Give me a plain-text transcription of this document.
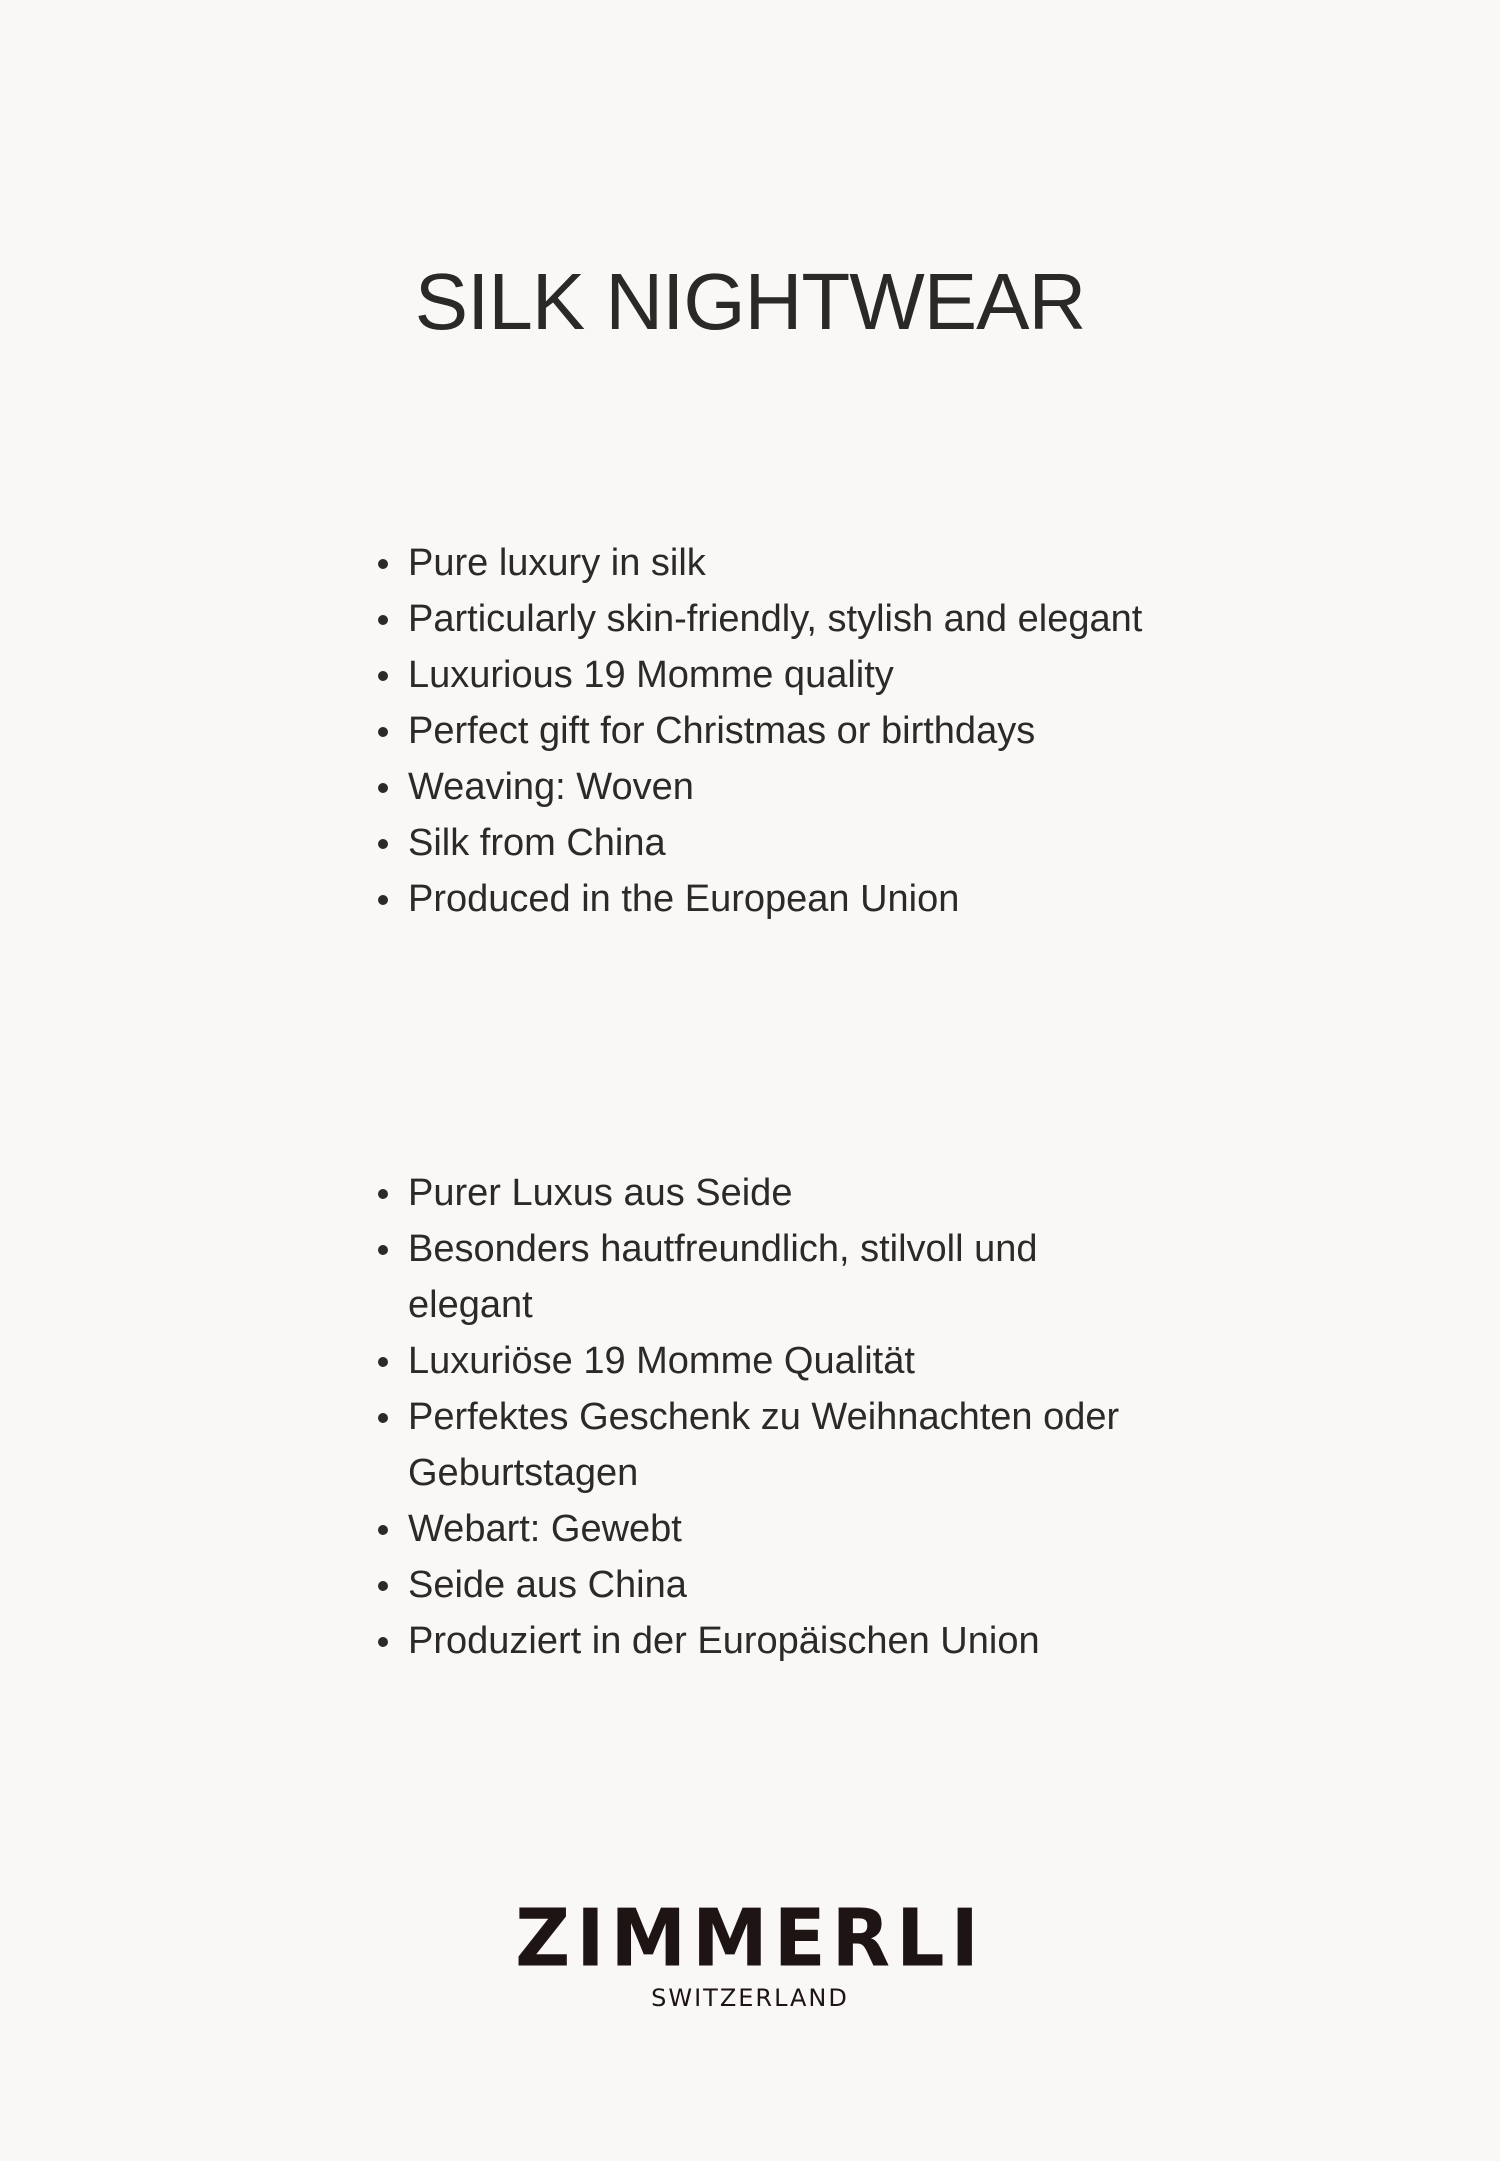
SILK NIGHTWEAR
Pure luxury in silk
Particularly skin-friendly, stylish and elegant
Luxurious 19 Momme quality
Perfect gift for Christmas or birthdays
Weaving: Woven
Silk from China
Produced in the European Union
Purer Luxus aus Seide
Besonders hautfreundlich, stilvoll und elegant
Luxuriöse 19 Momme Qualität
Perfektes Geschenk zu Weihnachten oder Geburtstagen
Webart: Gewebt
Seide aus China
Produziert in der Europäischen Union
ZIMMERLI
SWITZERLAND
